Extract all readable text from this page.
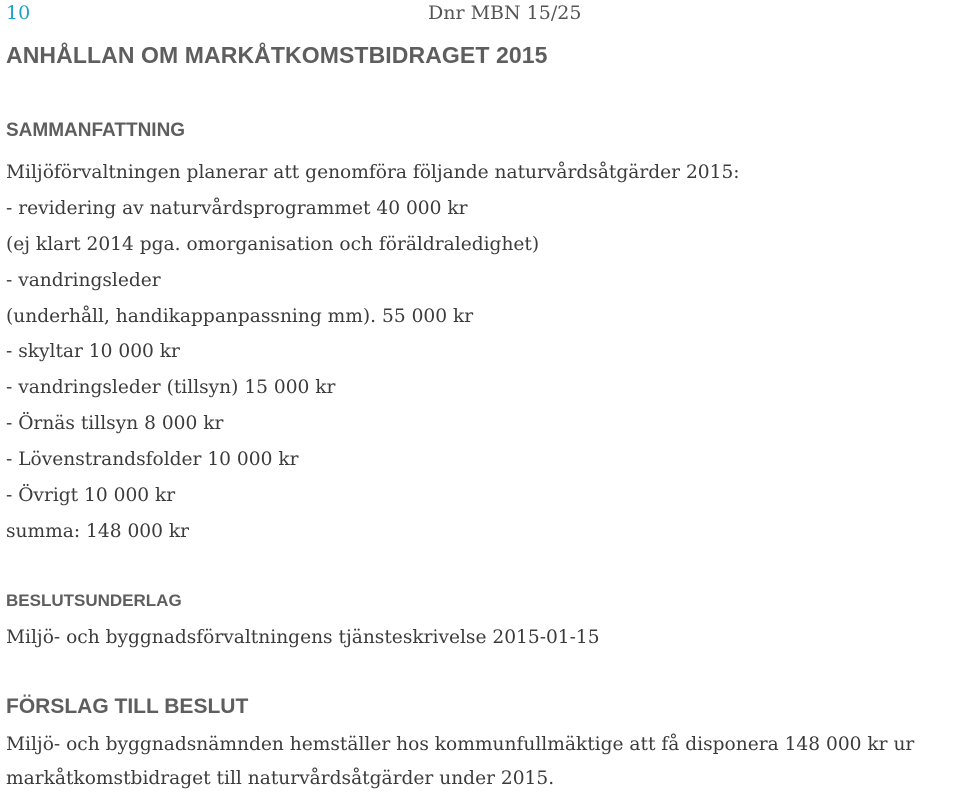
10	Dnr MBN 15/25
ANHÅLLAN OM MARKÅTKOMSTBIDRAGET 2015
SAMMANFATTNING
Miljöförvaltningen planerar att genomföra följande naturvårdsåtgärder 2015:
- revidering av naturvårdsprogrammet 40 000 kr
(ej klart 2014 pga. omorganisation och föräldraledighet)
- vandringsleder
(underhåll, handikappanpassning mm). 55 000 kr
- skyltar 10 000 kr
- vandringsleder (tillsyn) 15 000 kr
- Örnäs tillsyn 8 000 kr
- Lövenstrandsfolder 10 000 kr
- Övrigt 10 000 kr
summa: 148 000 kr
BESLUTSUNDERLAG
Miljö- och byggnadsförvaltningens tjänsteskrivelse 2015-01-15
FÖRSLAG TILL BESLUT
Miljö- och byggnadsnämnden hemställer hos kommunfullmäktige att få disponera 148 000 kr ur
markåtkomstbidraget till naturvårdsåtgärder under 2015.
